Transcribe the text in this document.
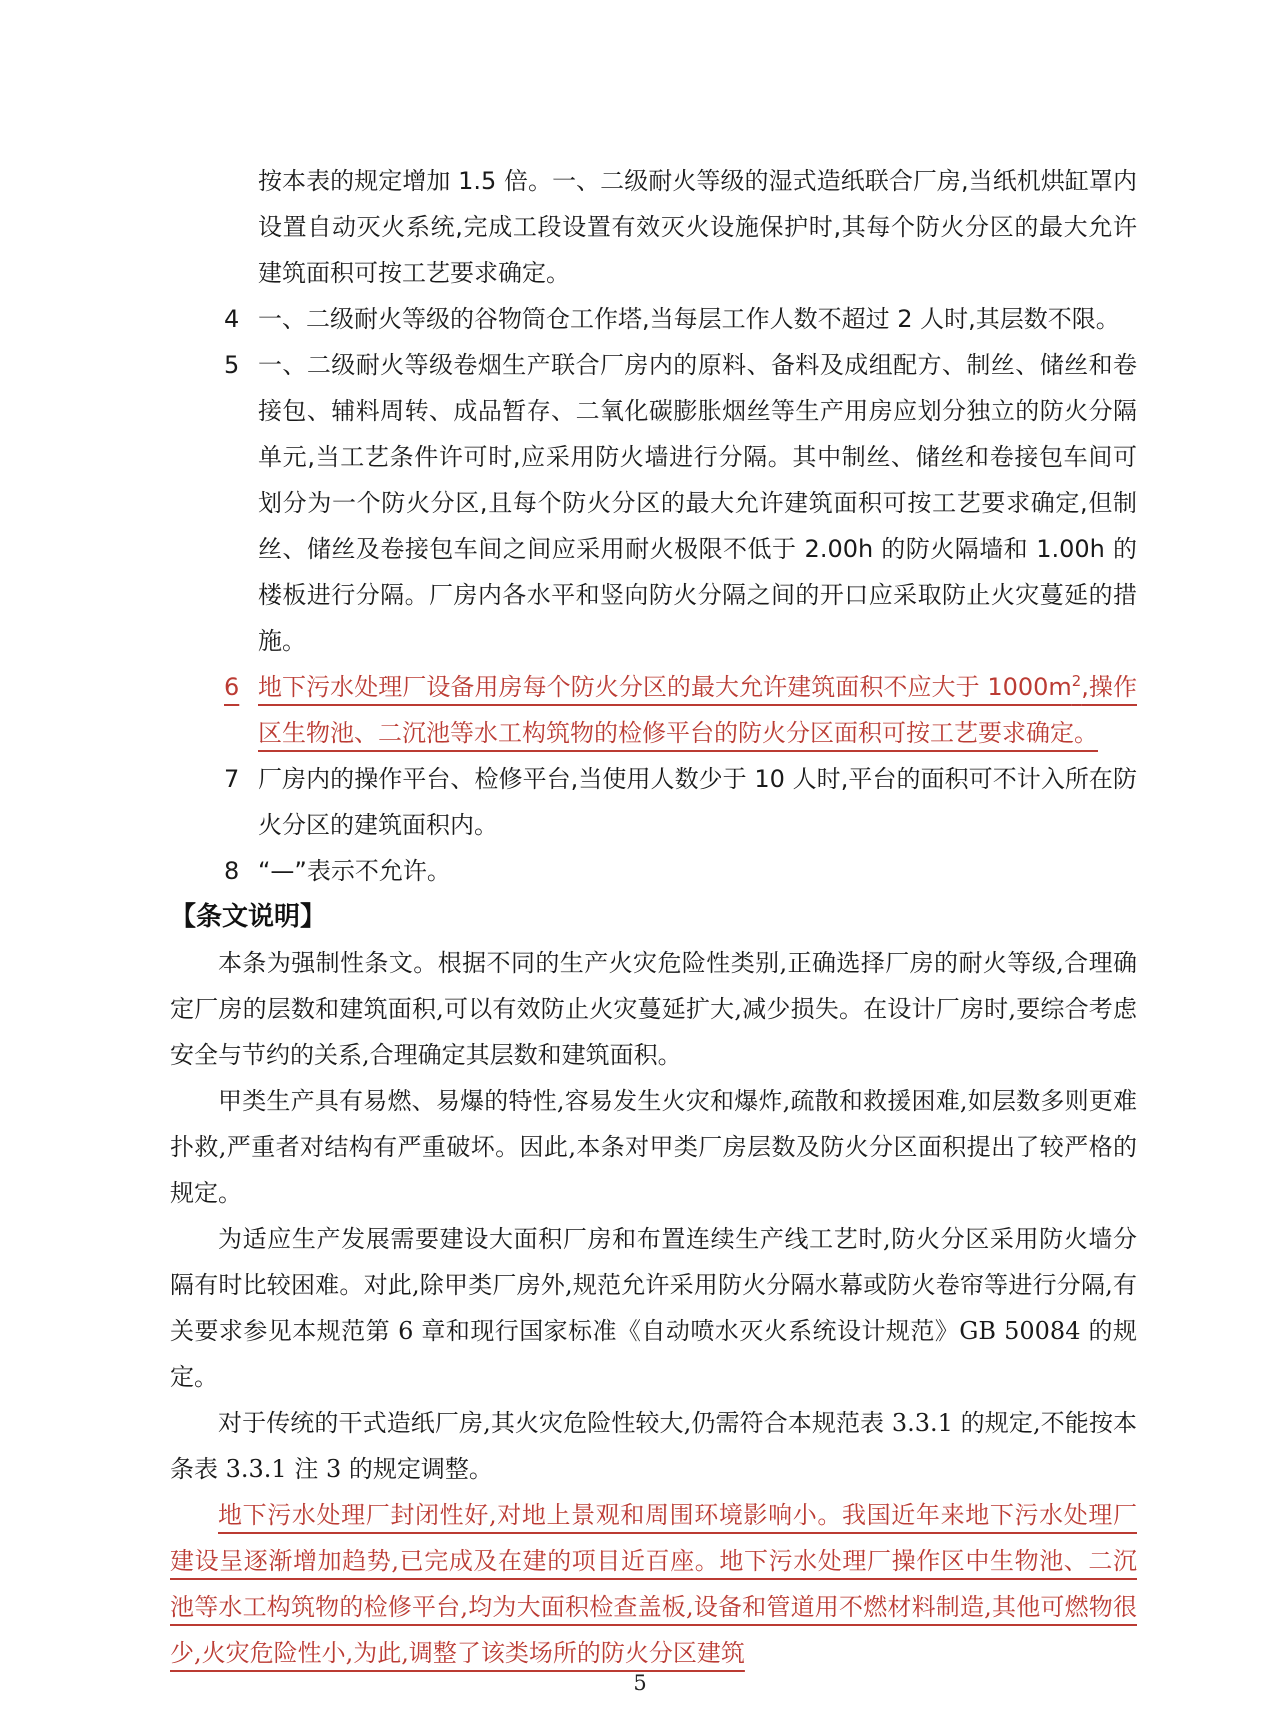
按本表的规定增加 1.5 倍。一、二级耐火等级的湿式造纸联合厂房,当纸机烘缸罩内设置自动灭火系统,完成工段设置有效灭火设施保护时,其每个防火分区的最大允许建筑面积可按工艺要求确定。
4 一、二级耐火等级的谷物筒仓工作塔,当每层工作人数不超过 2 人时,其层数不限。
5 一、二级耐火等级卷烟生产联合厂房内的原料、备料及成组配方、制丝、储丝和卷接包、辅料周转、成品暂存、二氧化碳膨胀烟丝等生产用房应划分独立的防火分隔单元,当工艺条件许可时,应采用防火墙进行分隔。其中制丝、储丝和卷接包车间可划分为一个防火分区,且每个防火分区的最大允许建筑面积可按工艺要求确定,但制丝、储丝及卷接包车间之间应采用耐火极限不低于 2.00h 的防火隔墙和 1.00h 的楼板进行分隔。厂房内各水平和竖向防火分隔之间的开口应采取防止火灾蔓延的措施。
6 地下污水处理厂设备用房每个防火分区的最大允许建筑面积不应大于 $1000m^2$,操作区生物池、二沉池等水工构筑物的检修平台的防火分区面积可按工艺要求确定。
7 厂房内的操作平台、检修平台,当使用人数少于 10 人时,平台的面积可不计入所在防火分区的建筑面积内。
8 “—”表示不允许。
【条文说明】

本条为强制性条文。根据不同的生产火灾危险性类别,正确选择厂房的耐火等级,合理确定厂房的层数和建筑面积,可以有效防止火灾蔓延扩大,减少损失。在设计厂房时,要综合考虑安全与节约的关系,合理确定其层数和建筑面积。

甲类生产具有易燃、易爆的特性,容易发生火灾和爆炸,疏散和救援困难,如层数多则更难扑救,严重者对结构有严重破坏。因此,本条对甲类厂房层数及防火分区面积提出了较严格的规定。

为适应生产发展需要建设大面积厂房和布置连续生产线工艺时,防火分区采用防火墙分隔有时比较困难。对此,除甲类厂房外,规范允许采用防火分隔水幕或防火卷帘等进行分隔,有关要求参见本规范第 6 章和现行国家标准《自动喷水灭火系统设计规范》GB 50084 的规定。

对于传统的干式造纸厂房,其火灾危险性较大,仍需符合本规范表 3.3.1 的规定,不能按本条表 3.3.1 注 3 的规定调整。

地下污水处理厂封闭性好,对地上景观和周围环境影响小。我国近年来地下污水处理厂建设呈逐渐增加趋势,已完成及在建的项目近百座。地下污水处理厂操作区中生物池、二沉池等水工构筑物的检修平台,均为大面积检查盖板,设备和管道用不燃材料制造,其他可燃物很少,火灾危险性小,为此,调整了该类场所的防火分区建筑

5
